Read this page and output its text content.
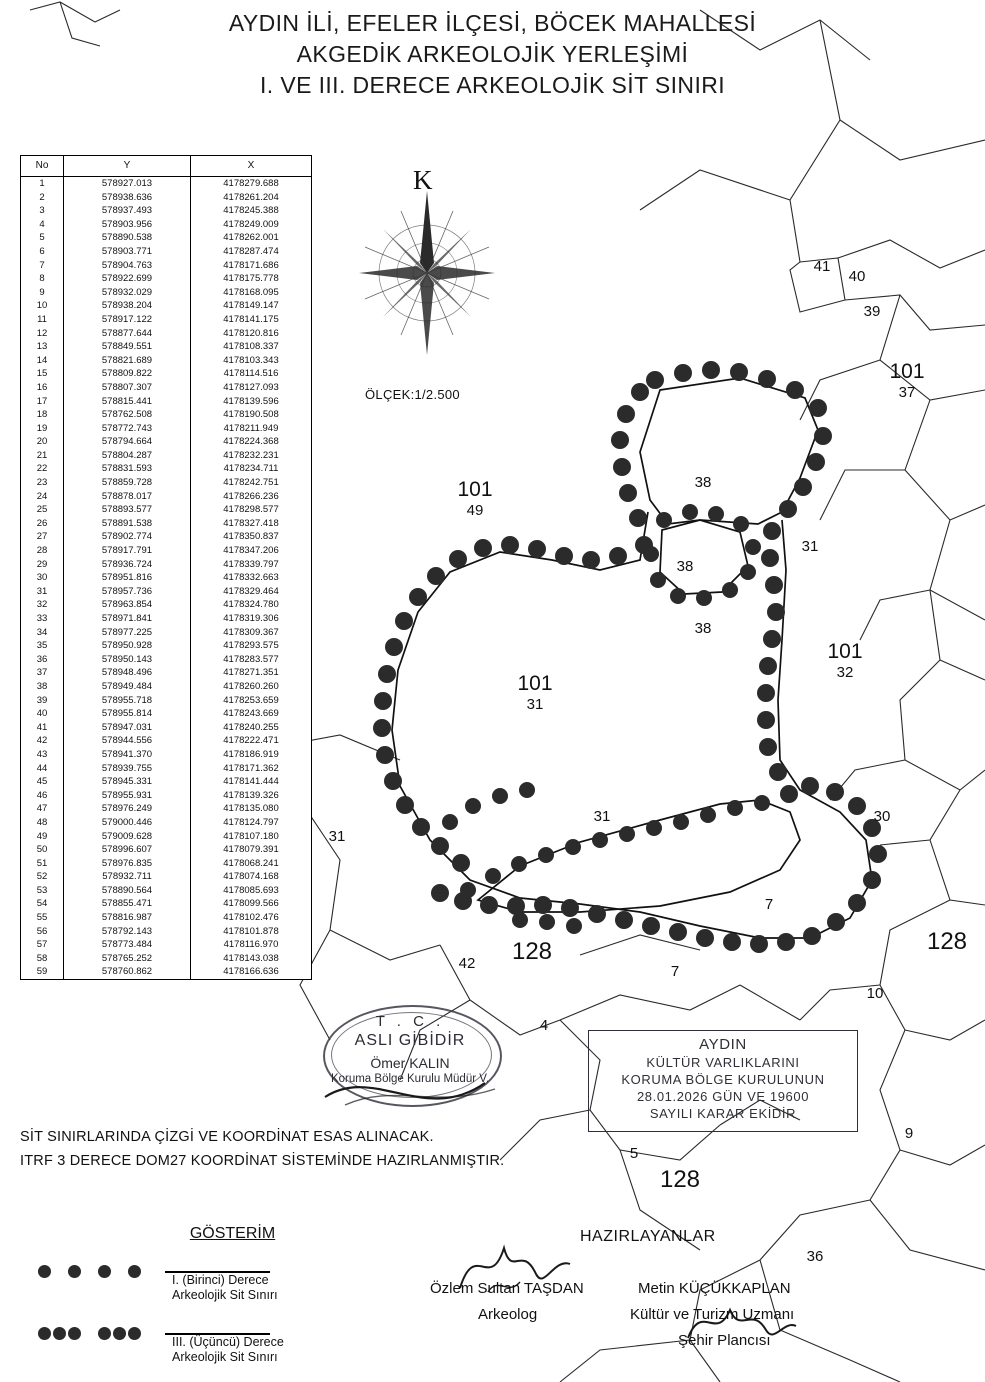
AYDIN İLİ, EFELER İLÇESİ, BÖCEK MAHALLESİ
AKGEDİK ARKEOLOJİK YERLEŞİMİ
I. VE III. DERECE ARKEOLOJİK SİT SINIRI
No	Y	X
1	578927.013	4178279.688
2	578938.636	4178261.204
3	578937.493	4178245.388
4	578903.956	4178249.009
5	578890.538	4178262.001
6	578903.771	4178287.474
7	578904.763	4178171.686
8	578922.699	4178175.778
9	578932.029	4178168.095
10	578938.204	4178149.147
11	578917.122	4178141.175
12	578877.644	4178120.816
13	578849.551	4178108.337
14	578821.689	4178103.343
15	578809.822	4178114.516
16	578807.307	4178127.093
17	578815.441	4178139.596
18	578762.508	4178190.508
19	578772.743	4178211.949
20	578794.664	4178224.368
21	578804.287	4178232.231
22	578831.593	4178234.711
23	578859.728	4178242.751
24	578878.017	4178266.236
25	578893.577	4178298.577
26	578891.538	4178327.418
27	578902.774	4178350.837
28	578917.791	4178347.206
29	578936.724	4178339.797
30	578951.816	4178332.663
31	578957.736	4178329.464
32	578963.854	4178324.780
33	578971.841	4178319.306
34	578977.225	4178309.367
35	578950.928	4178293.575
36	578950.143	4178283.577
37	578948.496	4178271.351
38	578949.484	4178260.260
39	578955.718	4178253.659
40	578955.814	4178243.669
41	578947.031	4178240.255
42	578944.556	4178222.471
43	578941.370	4178186.919
44	578939.755	4178171.362
45	578945.331	4178141.444
46	578955.931	4178139.326
47	578976.249	4178135.080
48	579000.446	4178124.797
49	579009.628	4178107.180
50	578996.607	4178079.391
51	578976.835	4178068.241
52	578932.711	4178074.168
53	578890.564	4178085.693
54	578855.471	4178099.566
55	578816.987	4178102.476
56	578792.143	4178101.878
57	578773.484	4178116.970
58	578765.252	4178143.038
59	578760.862	4178166.636
K
ÖLÇEK:1/2.500
101
49
101
37
101
31
101
32
41
40
39
38
38
38
31
31
31	30
7
7
42
10
4
5
9
36
128	128
128
SİT SINIRLARINDA ÇİZGİ VE KOORDİNAT ESAS ALINACAK.
ITRF 3 DERECE DOM27 KOORDİNAT SİSTEMİNDE HAZIRLANMIŞTIR.
GÖSTERİM
I. (Birinci) Derece
Arkeolojik Sit Sınırı
III. (Üçüncü) Derece
Arkeolojik Sit Sınırı
T . C .
ASLI GİBİDİR
Ömer KALIN
Koruma Bölge Kurulu Müdür V.
AYDIN
KÜLTÜR VARLIKLARINI
KORUMA BÖLGE KURULUNUN
28.01.2026 GÜN VE 19600
SAYILI KARAR EKİDİR
HAZIRLAYANLAR
Özlem Sultan TAŞDAN
Arkeolog
Metin KÜÇÜKKAPLAN
Kültür ve Turizm Uzmanı
Şehir Plancısı
